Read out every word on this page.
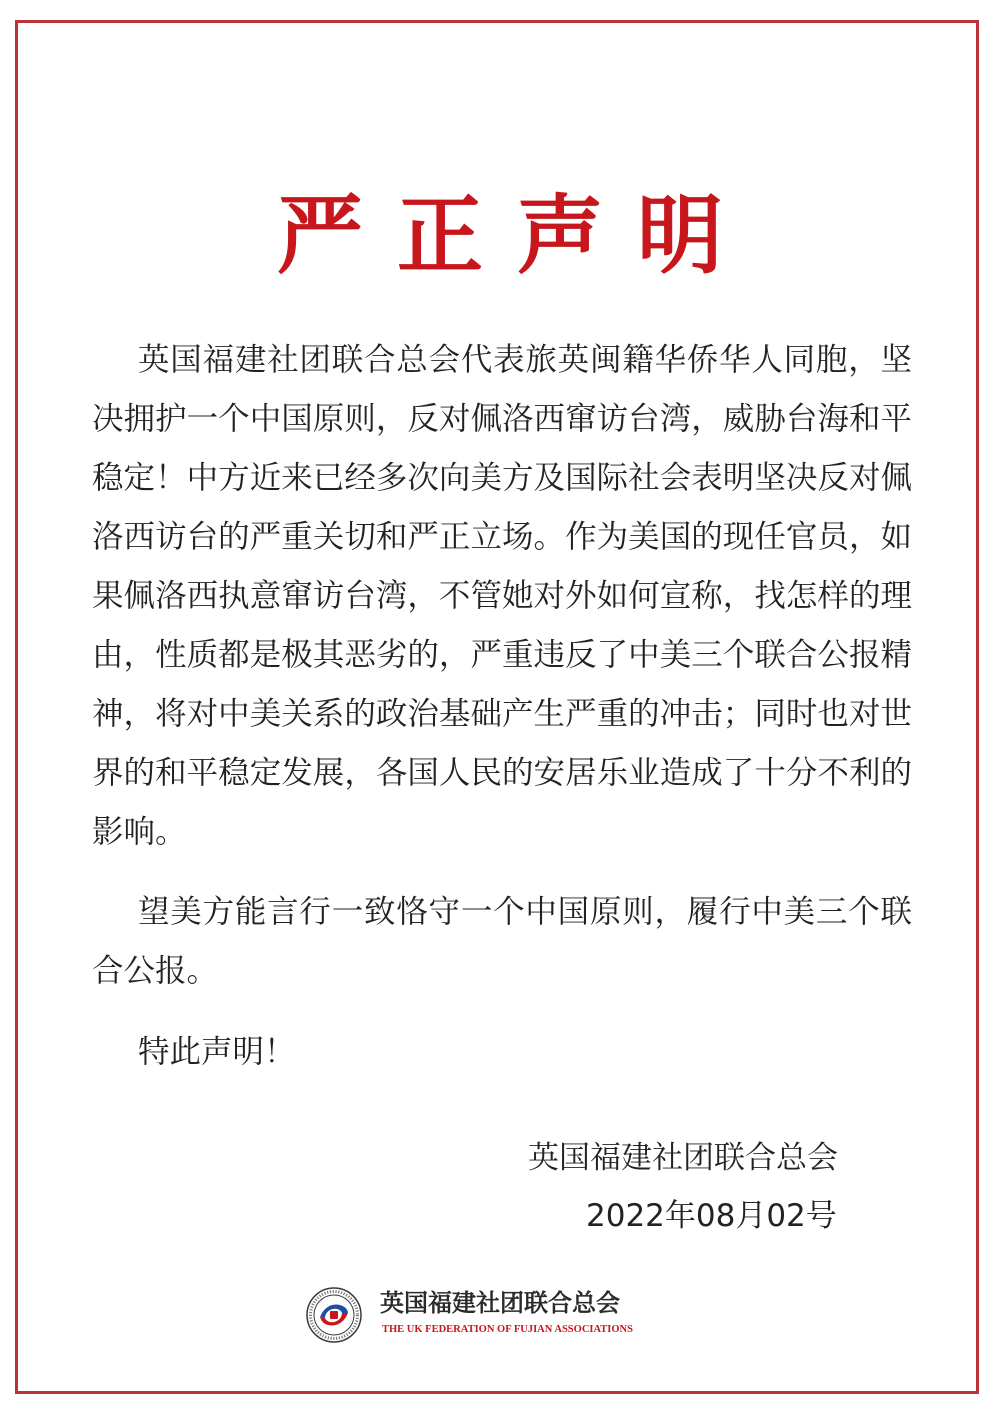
严正声明

英国福建社团联合总会代表旅英闽籍华侨华人同胞，坚决拥护一个中国原则，反对佩洛西窜访台湾，威胁台海和平稳定！中方近来已经多次向美方及国际社会表明坚决反对佩洛西访台的严重关切和严正立场。作为美国的现任官员，如果佩洛西执意窜访台湾，不管她对外如何宣称，找怎样的理由，性质都是极其恶劣的，严重违反了中美三个联合公报精神，将对中美关系的政治基础产生严重的冲击；同时也对世界的和平稳定发展，各国人民的安居乐业造成了十分不利的影响。

望美方能言行一致恪守一个中国原则，履行中美三个联合公报。

特此声明！

英国福建社团联合总会
2022年08月02号
英国福建社团联合总会
THE UK FEDERATION OF FUJIAN ASSOCIATIONS
